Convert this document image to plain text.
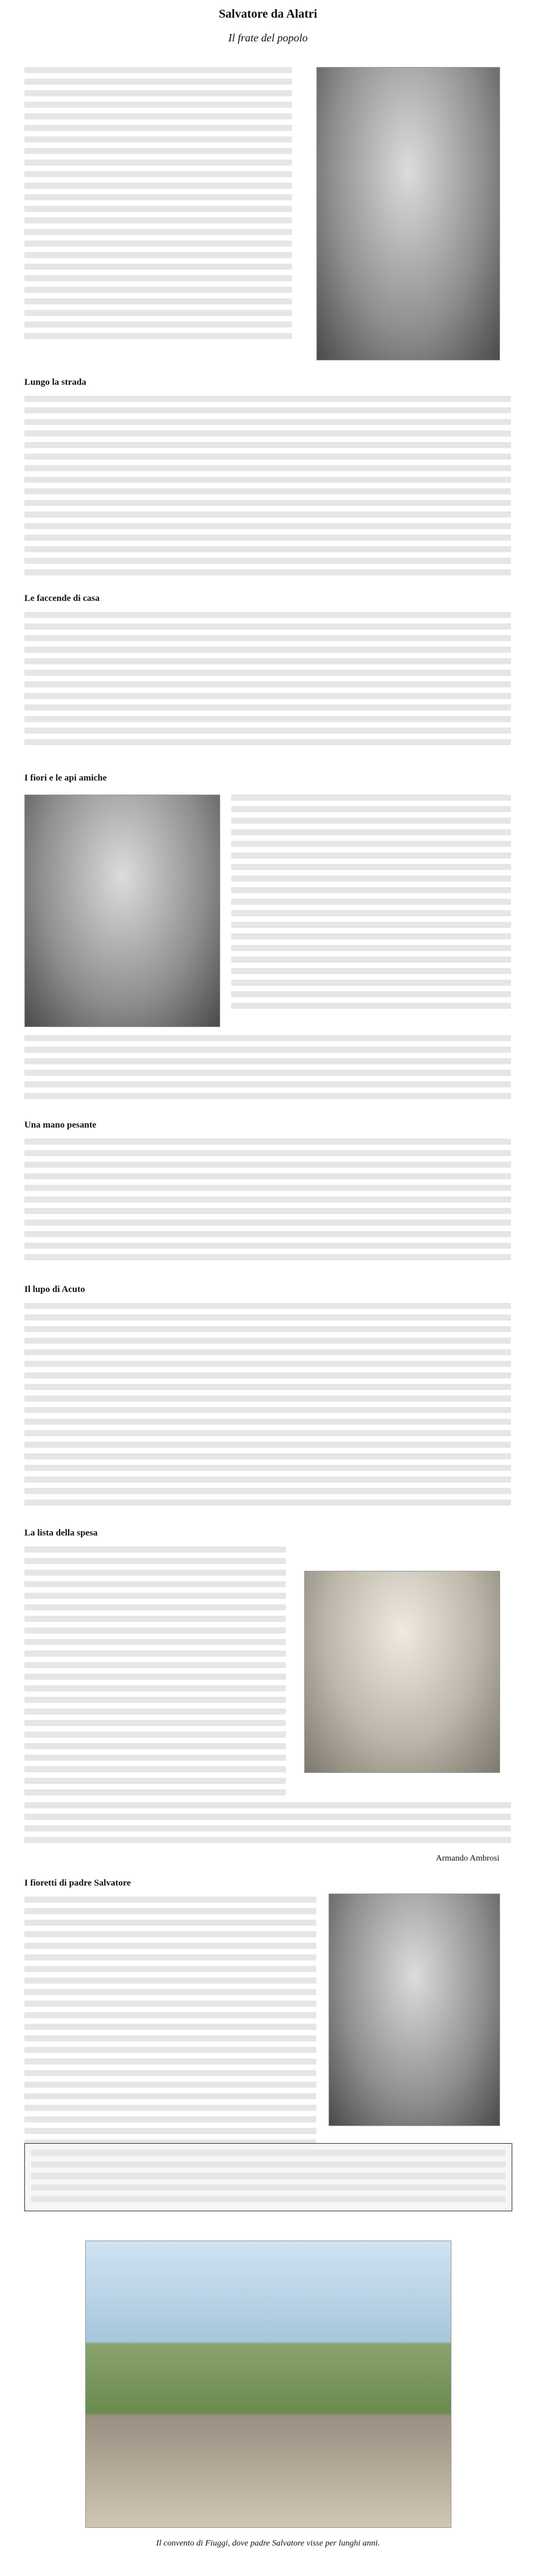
Salvatore da Alatri
Il frate del popolo
Lungo la strada
Le faccende di casa
I fiori e le api amiche
Una mano pesante
Il lupo di Acuto
La lista della spesa
Armando Ambrosi
I fioretti di padre Salvatore
Il convento di Fiuggi, dove padre Salvatore visse per lunghi anni.
